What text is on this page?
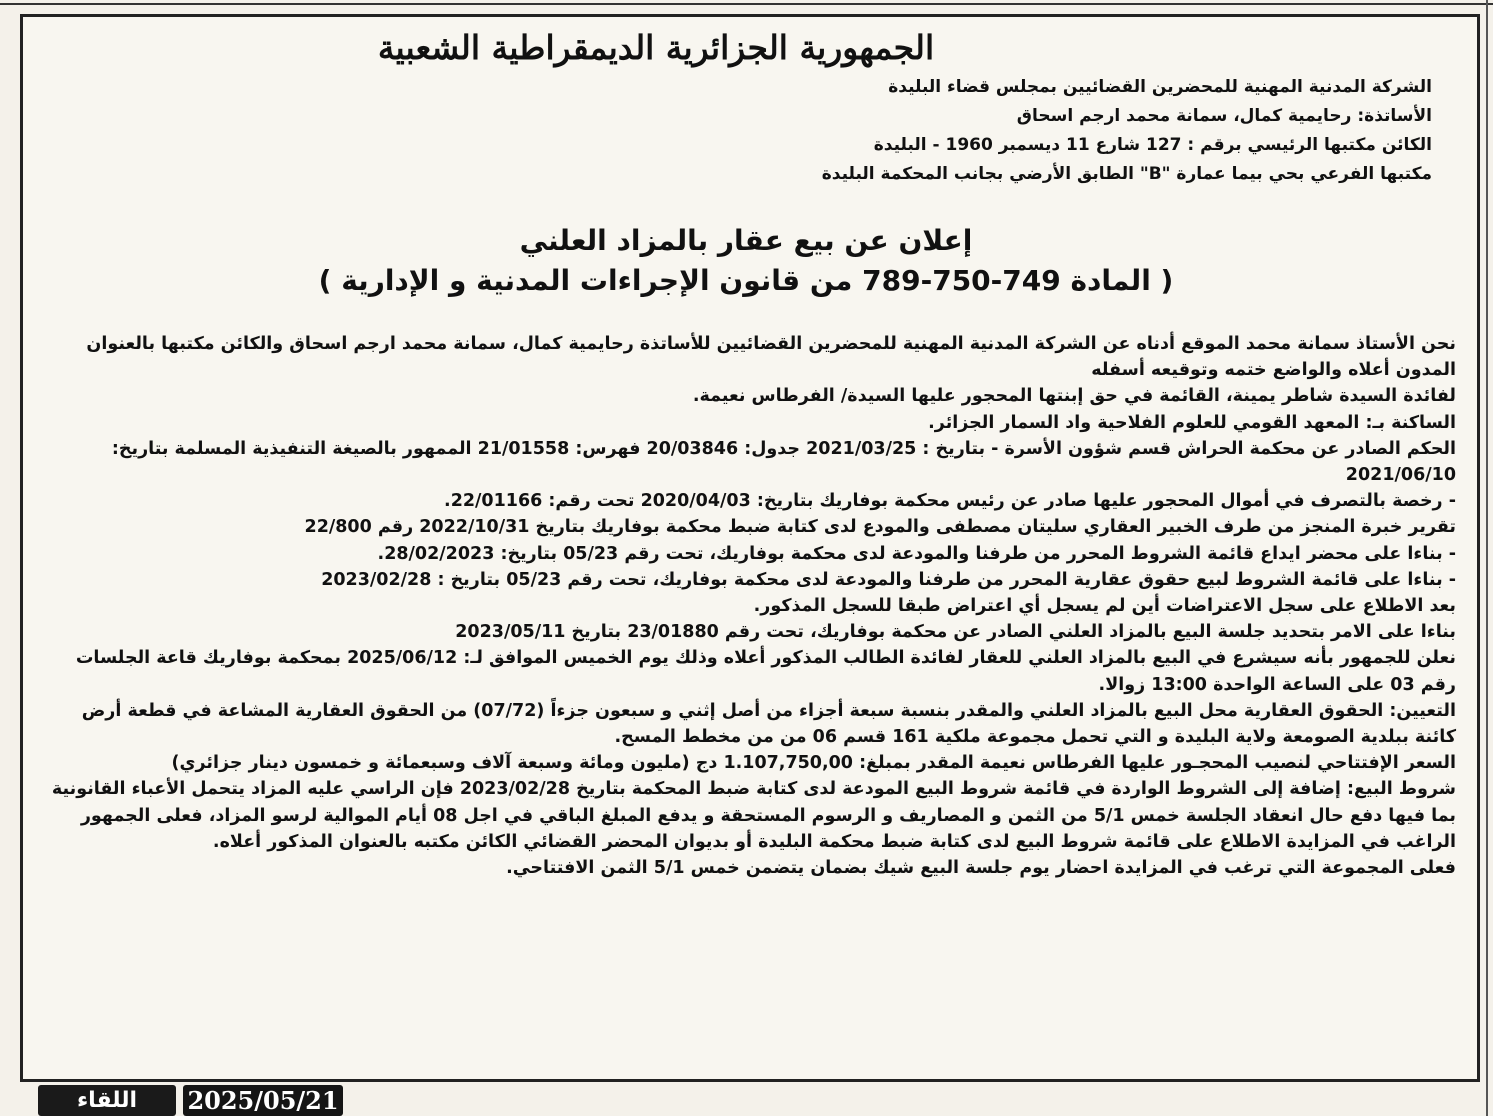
الجمهورية الجزائرية الديمقراطية الشعبية
الشركة المدنية المهنية للمحضرين القضائيين بمجلس قضاء البليدة
الأساتذة: رحايمية كمال، سمانة محمد ارجم اسحاق
الكائن مكتبها الرئيسي برقم : 127 شارع 11 ديسمبر 1960 - البليدة
مكتبها الفرعي بحي بيما عمارة "B" الطابق الأرضي بجانب المحكمة البليدة
إعلان عن بيع عقار بالمزاد العلني
( المادة 749-750-789 من قانون الإجراءات المدنية و الإدارية )

نحن الأستاذ سمانة محمد الموقع أدناه عن الشركة المدنية المهنية للمحضرين القضائيين للأساتذة رحايمية كمال، سمانة محمد ارجم اسحاق والكائن مكتبها بالعنوان المدون أعلاه والواضع ختمه وتوقيعه أسفله

لفائدة السيدة شاطر يمينة، القائمة في حق إبنتها المحجور عليها السيدة/ الفرطاس نعيمة.

الساكنة بـ: المعهد القومي للعلوم الفلاحية واد السمار الجزائر.

الحكم الصادر عن محكمة الحراش قسم شؤون الأسرة - بتاريخ : 2021/03/25 جدول: 20/03846 فهرس: 21/01558 الممهور بالصيغة التنفيذية المسلمة بتاريخ: 2021/06/10

- رخصة بالتصرف في أموال المحجور عليها صادر عن رئيس محكمة بوفاريك بتاريخ: 2020/04/03 تحت رقم: 22/01166.

تقرير خبرة المنجز من طرف الخبير العقاري سليتان مصطفى والمودع لدى كتابة ضبط محكمة بوفاريك بتاريخ 2022/10/31 رقم 22/800

- بناءا على محضر ايداع قائمة الشروط المحرر من طرفنا والمودعة لدى محكمة بوفاريك، تحت رقم 05/23 بتاريخ: 28/02/2023.

- بناءا على قائمة الشروط لبيع حقوق عقارية المحرر من طرفنا والمودعة لدى محكمة بوفاريك، تحت رقم 05/23 بتاريخ : 2023/02/28

بعد الاطلاع على سجل الاعتراضات أين لم يسجل أي اعتراض طبقا للسجل المذكور.

بناءا على الامر بتحديد جلسة البيع بالمزاد العلني الصادر عن محكمة بوفاريك، تحت رقم 23/01880 بتاريخ 2023/05/11

نعلن للجمهور بأنه سيشرع في البيع بالمزاد العلني للعقار لفائدة الطالب المذكور أعلاه وذلك يوم الخميس الموافق لـ: 2025/06/12 بمحكمة بوفاريك قاعة الجلسات رقم 03 على الساعة الواحدة 13:00 زوالا.

التعيين: الحقوق العقارية محل البيع بالمزاد العلني والمقدر بنسبة سبعة أجزاء من أصل إثني و سبعون جزءاً (07/72) من الحقوق العقارية المشاعة في قطعة أرض كائنة ببلدية الصومعة ولاية البليدة و التي تحمل مجموعة ملكية 161 قسم 06 من من مخطط المسح.

السعر الإفتتاحي لنصيب المحجـور عليها الفرطاس نعيمة المقدر بمبلغ: 1.107,750,00 دج (مليون ومائة وسبعة آلاف وسبعمائة و خمسون دينار جزائري)

شروط البيع: إضافة إلى الشروط الواردة في قائمة شروط البيع المودعة لدى كتابة ضبط المحكمة بتاريخ 2023/02/28 فإن الراسي عليه المزاد يتحمل الأعباء القانونية بما فيها دفع حال انعقاد الجلسة خمس 5/1 من الثمن و المصاريف و الرسوم المستحقة و يدفع المبلغ الباقي في اجل 08 أيام الموالية لرسو المزاد، فعلى الجمهور الراغب في المزايدة الاطلاع على قائمة شروط البيع لدى كتابة ضبط محكمة البليدة أو بديوان المحضر القضائي الكائن مكتبه بالعنوان المذكور أعلاه.

فعلى المجموعة التي ترغب في المزايدة احضار يوم جلسة البيع شيك بضمان يتضمن خمس 5/1 الثمن الافتتاحي.

2025/05/21
اللقاء
